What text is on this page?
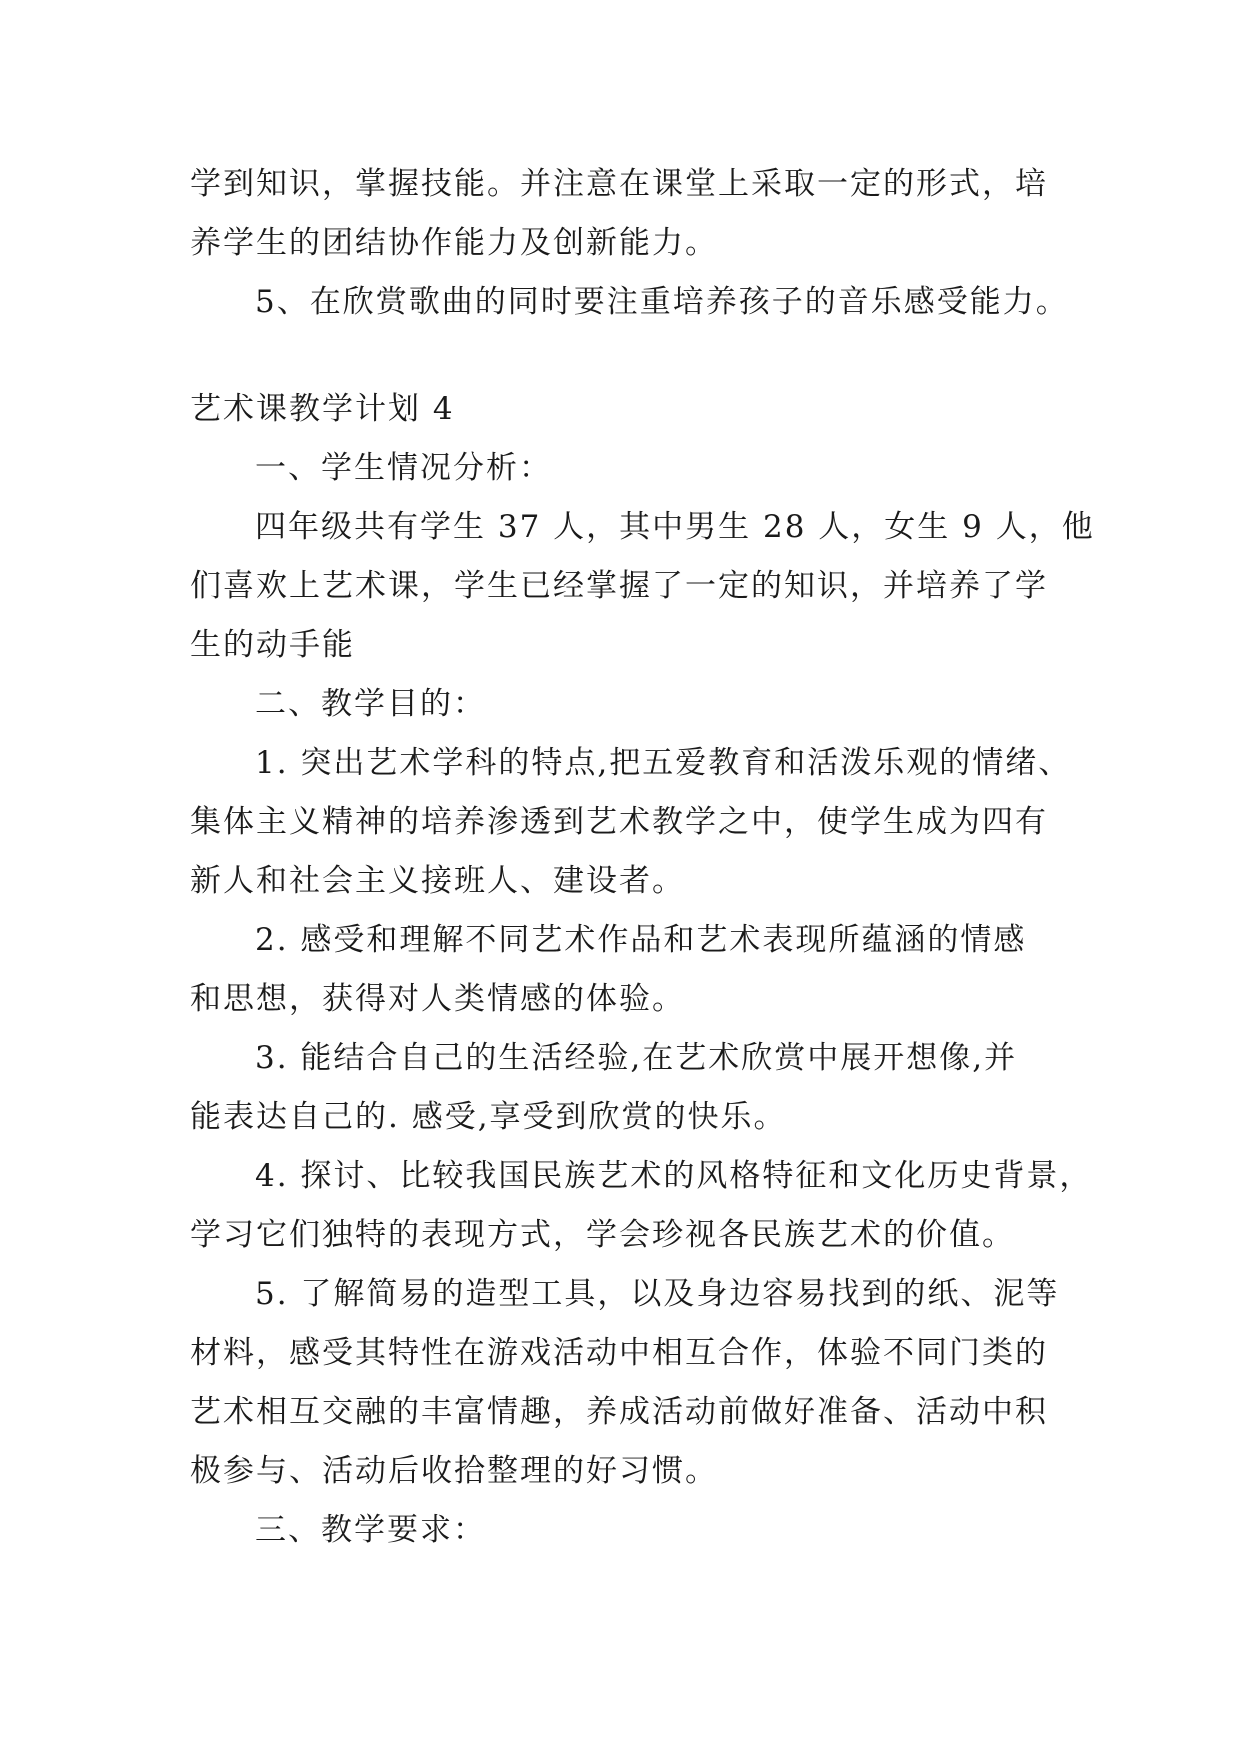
学到知识，掌握技能。并注意在课堂上采取一定的形式，培
养学生的团结协作能力及创新能力。
5、在欣赏歌曲的同时要注重培养孩子的音乐感受能力。
艺术课教学计划 4
一、学生情况分析：
四年级共有学生 37 人，其中男生 28 人，女生 9 人，他
们喜欢上艺术课，学生已经掌握了一定的知识，并培养了学
生的动手能
二、教学目的：
1. 突出艺术学科的特点,把五爱教育和活泼乐观的情绪、
集体主义精神的培养渗透到艺术教学之中，使学生成为四有
新人和社会主义接班人、建设者。
2. 感受和理解不同艺术作品和艺术表现所蕴涵的情感
和思想，获得对人类情感的体验。
3. 能结合自己的生活经验,在艺术欣赏中展开想像,并
能表达自己的. 感受,享受到欣赏的快乐。
4. 探讨、比较我国民族艺术的风格特征和文化历史背景，
学习它们独特的表现方式，学会珍视各民族艺术的价值。
5. 了解简易的造型工具，以及身边容易找到的纸、泥等
材料，感受其特性在游戏活动中相互合作，体验不同门类的
艺术相互交融的丰富情趣，养成活动前做好准备、活动中积
极参与、活动后收拾整理的好习惯。
三、教学要求：
